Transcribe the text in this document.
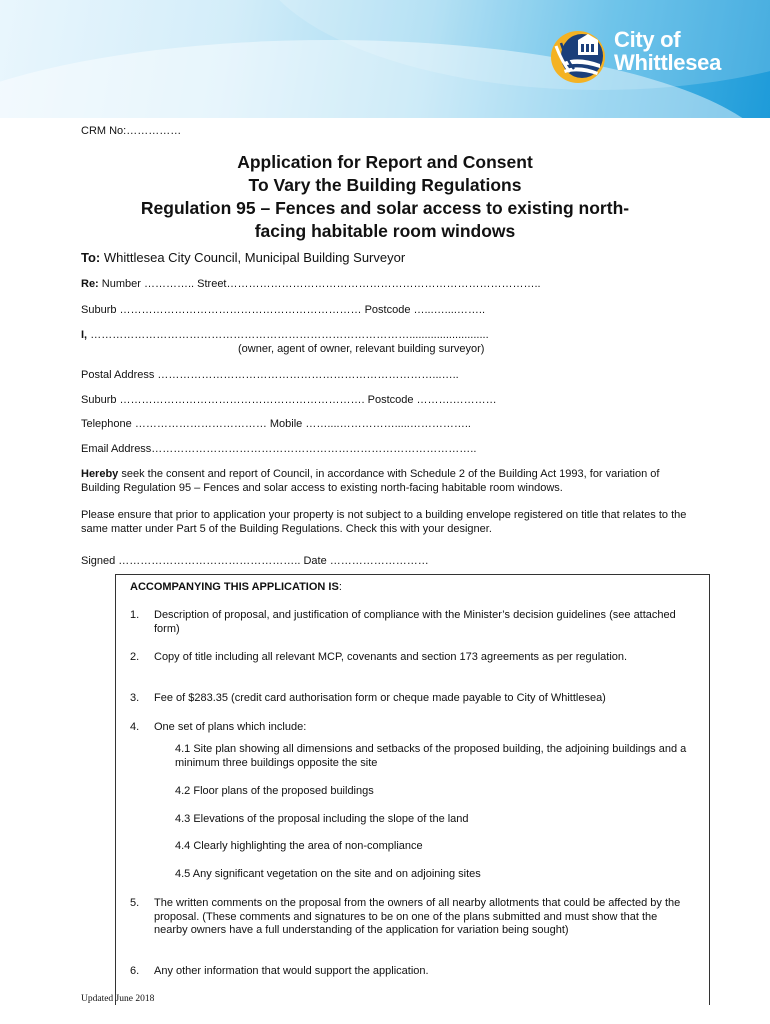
City of
Whittlesea
CRM No:……………
Application for Report and Consent
To Vary the Building Regulations
Regulation 95 – Fences and solar access to existing north-
facing habitable room windows
To: Whittlesea City Council, Municipal Building Surveyor
Re: Number ………….. Street…………………………………………………………………………..
Suburb ………………………………………………………… Postcode …...…....……..
I, ……………………………………………………………………………..........................
(owner, agent of owner, relevant building surveyor)
Postal Address …………………………………………………………………...…..
Suburb …………………………………………………………. Postcode ……….…………
Telephone ……………………………… Mobile ……....…………….....……………..
Email Address……………………………………………………………………………..
Hereby seek the consent and report of Council, in accordance with Schedule 2 of the Building Act 1993, for variation of Building Regulation 95 – Fences and solar access to existing north-facing habitable room windows.
Please ensure that prior to application your property is not subject to a building envelope registered on title that relates to the same matter under Part 5 of the Building Regulations. Check this with your designer.
Signed ………………………………………….. Date ………………………
ACCOMPANYING THIS APPLICATION IS:
1.	Description of proposal, and justification of compliance with the Minister’s decision guidelines (see attached form)
2.	Copy of title including all relevant MCP, covenants and section 173 agreements as per regulation.
3.	Fee of $283.35 (credit card authorisation form or cheque made payable to City of Whittlesea)
4.	One set of plans which include:
4.1 Site plan showing all dimensions and setbacks of the proposed building, the adjoining buildings and a minimum three buildings opposite the site
4.2 Floor plans of the proposed buildings
4.3 Elevations of the proposal including the slope of the land
4.4 Clearly highlighting the area of non-compliance
4.5 Any significant vegetation on the site and on adjoining sites
5.	The written comments on the proposal from the owners of all nearby allotments that could be affected by the proposal. (These comments and signatures to be on one of the plans submitted and must show that the nearby owners have a full understanding of the application for variation being sought)
6.	Any other information that would support the application.
Updated June 2018
